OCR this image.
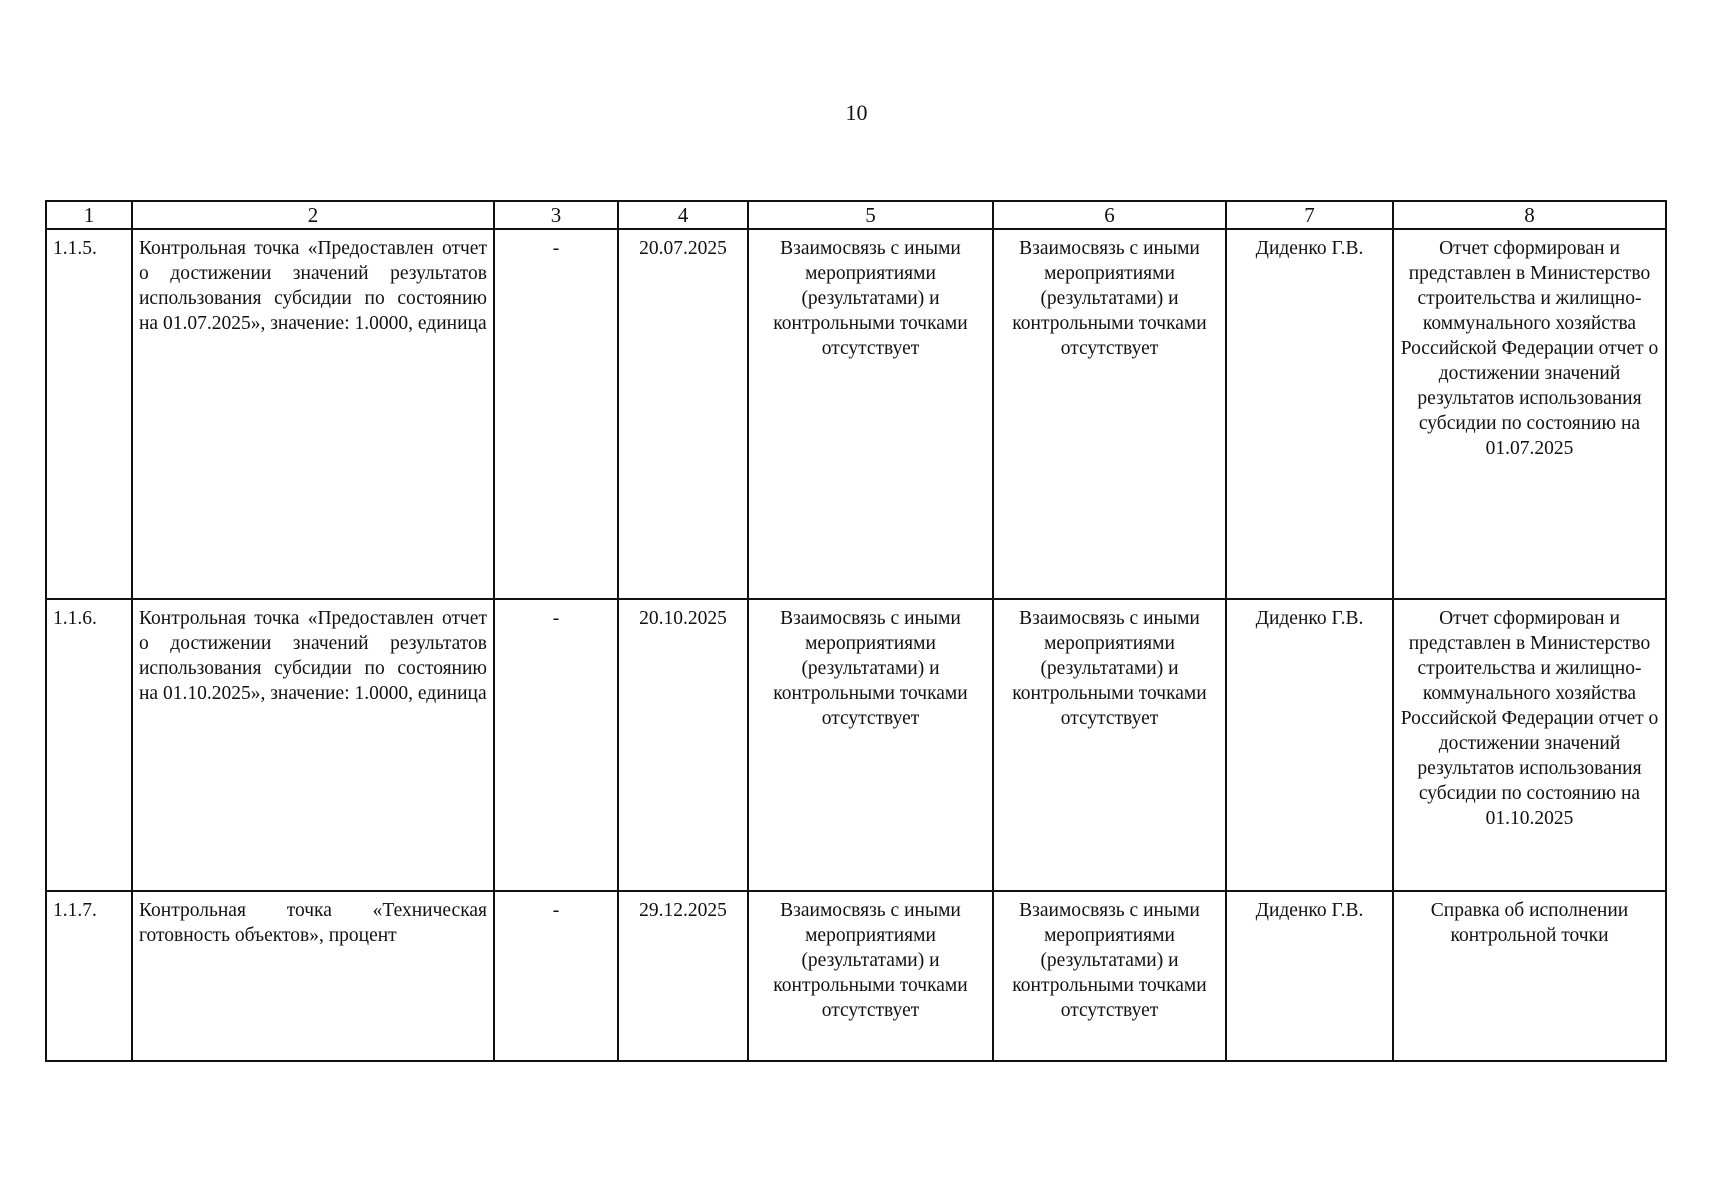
10
1	2	3	4	5	6	7	8
1.1.5.	Контрольная точка «Предоставлен отчет о достижении значений результатов использования субсидии по состоянию на 01.07.2025», значение: 1.0000, единица	-	20.07.2025	Взаимосвязь с иными мероприятиями (результатами) и контрольными точками отсутствует	Взаимосвязь с иными мероприятиями (результатами) и контрольными точками отсутствует	Диденко Г.В.	Отчет сформирован и представлен в Министерство строительства и жилищно-коммунального хозяйства Российской Федерации отчет о достижении значений результатов использования субсидии по состоянию на 01.07.2025
1.1.6.	Контрольная точка «Предоставлен отчет о достижении значений результатов использования субсидии по состоянию на 01.10.2025», значение: 1.0000, единица	-	20.10.2025	Взаимосвязь с иными мероприятиями (результатами) и контрольными точками отсутствует	Взаимосвязь с иными мероприятиями (результатами) и контрольными точками отсутствует	Диденко Г.В.	Отчет сформирован и представлен в Министерство строительства и жилищно-коммунального хозяйства Российской Федерации отчет о достижении значений результатов использования субсидии по состоянию на 01.10.2025
1.1.7.	Контрольная точка «Техническая готовность объектов», процент	-	29.12.2025	Взаимосвязь с иными мероприятиями (результатами) и контрольными точками отсутствует	Взаимосвязь с иными мероприятиями (результатами) и контрольными точками отсутствует	Диденко Г.В.	Справка об исполнении контрольной точки
